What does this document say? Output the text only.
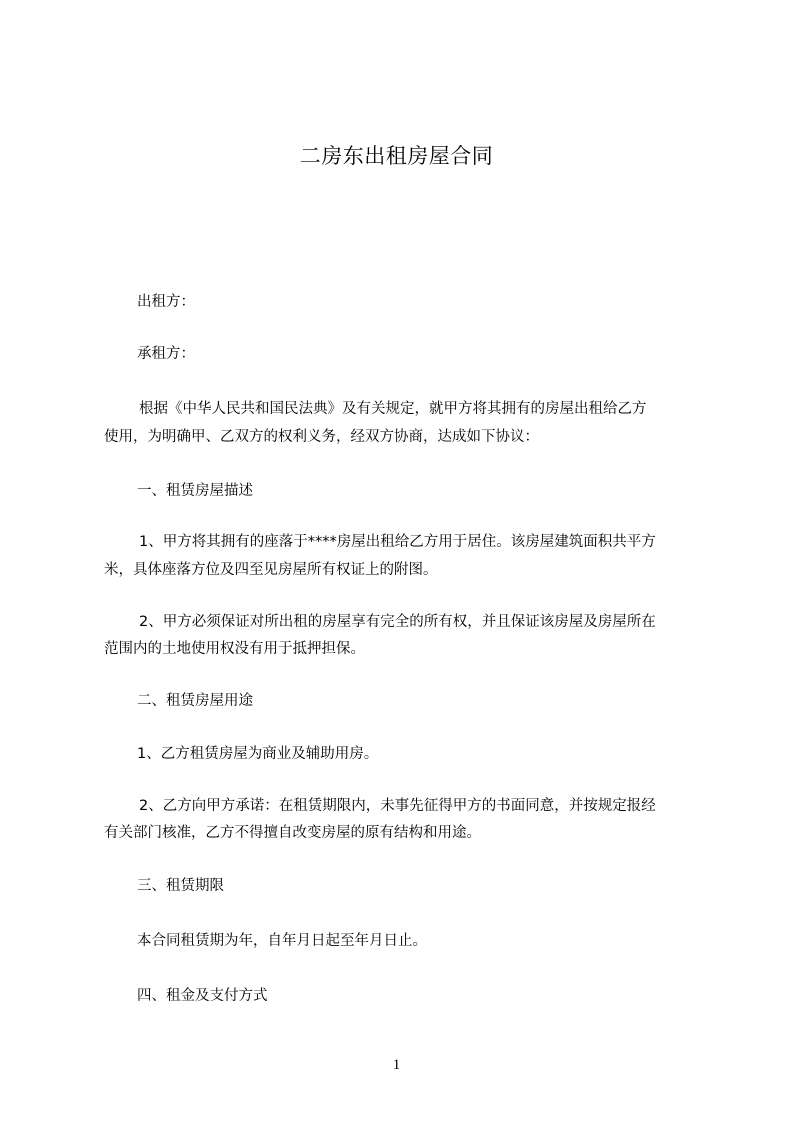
二房东出租房屋合同
出租方：
承租方：
根据《中华人民共和国民法典》及有关规定，就甲方将其拥有的房屋出租给乙方
使用，为明确甲、乙双方的权利义务，经双方协商，达成如下协议：
一、租赁房屋描述
1、甲方将其拥有的座落于****房屋出租给乙方用于居住。该房屋建筑面积共平方
米，具体座落方位及四至见房屋所有权证上的附图。
2、甲方必须保证对所出租的房屋享有完全的所有权，并且保证该房屋及房屋所在
范围内的土地使用权没有用于抵押担保。
二、租赁房屋用途
1、乙方租赁房屋为商业及辅助用房。
2、乙方向甲方承诺：在租赁期限内，未事先征得甲方的书面同意，并按规定报经
有关部门核准，乙方不得擅自改变房屋的原有结构和用途。
三、租赁期限
本合同租赁期为年，自年月日起至年月日止。
四、租金及支付方式
1
